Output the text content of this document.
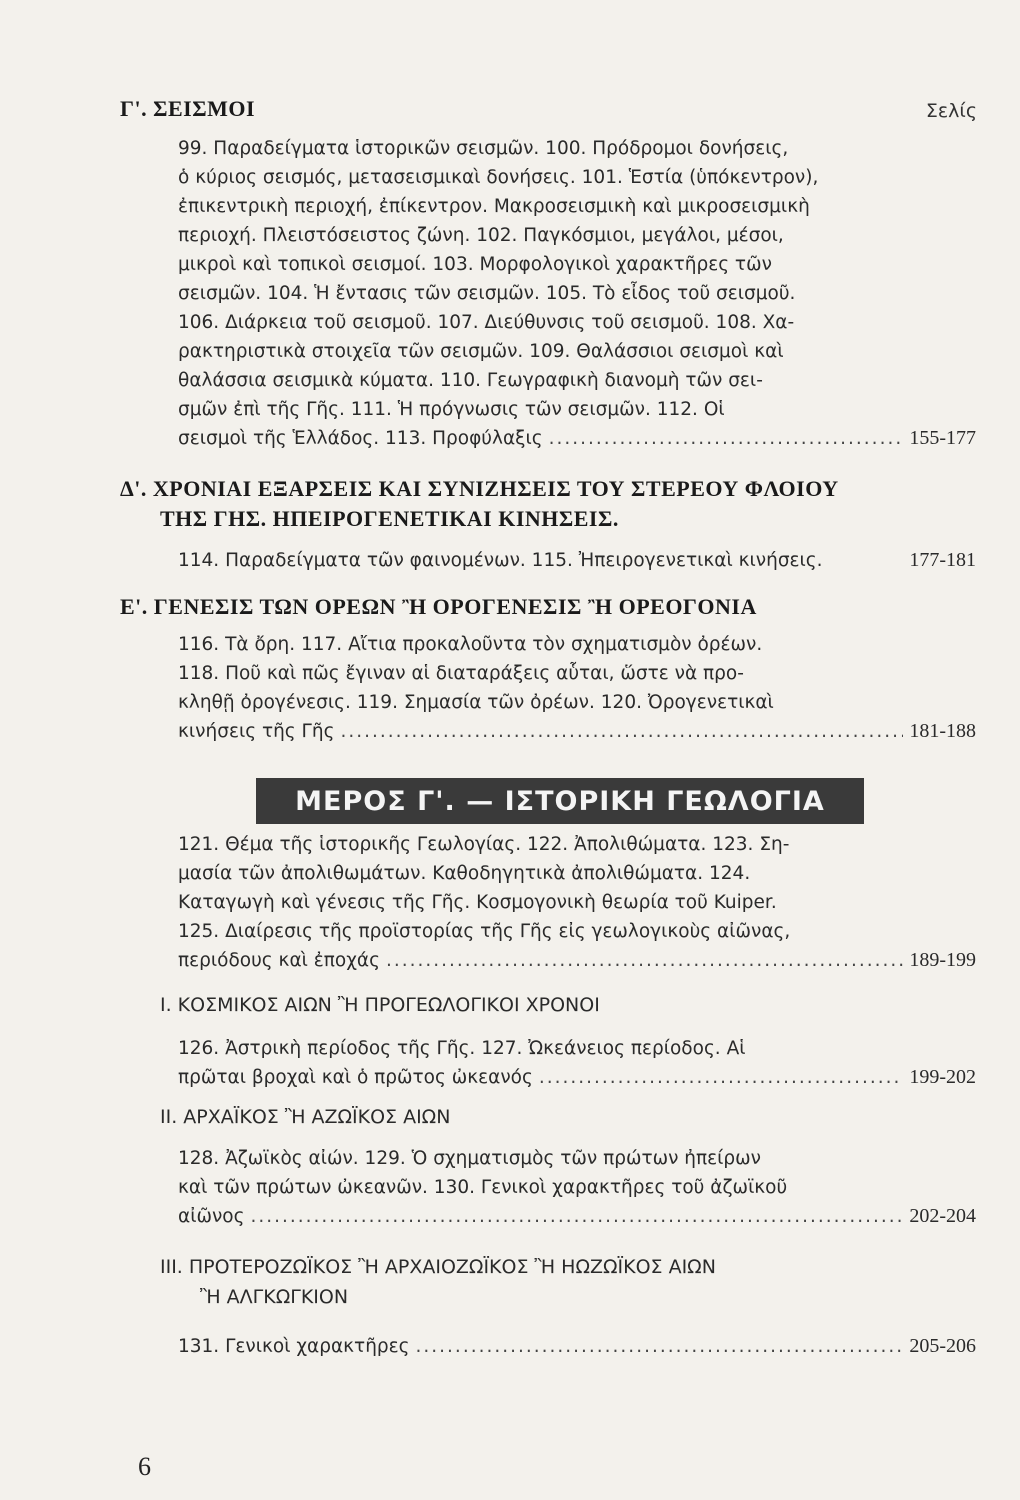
Γ'. ΣΕΙΣΜΟΙ	Σελίς
99. Παραδείγματα ἱστορικῶν σεισμῶν. 100. Πρόδρομοι δονήσεις,
ὁ κύριος σεισμός, μετασεισμικαὶ δονήσεις. 101. Ἑστία (ὑπόκεντρον),
ἐπικεντρικὴ περιοχή, ἐπίκεντρον. Μακροσεισμικὴ καὶ μικροσεισμικὴ
περιοχή. Πλειστόσειστος ζώνη. 102. Παγκόσμιοι, μεγάλοι, μέσοι,
μικροὶ καὶ τοπικοὶ σεισμοί. 103. Μορφολογικοὶ χαρακτῆρες τῶν
σεισμῶν. 104. Ἡ ἔντασις τῶν σεισμῶν. 105. Τὸ εἶδος τοῦ σεισμοῦ.
106. Διάρκεια τοῦ σεισμοῦ. 107. Διεύθυνσις τοῦ σεισμοῦ. 108. Χα-
ρακτηριστικὰ στοιχεῖα τῶν σεισμῶν. 109. Θαλάσσιοι σεισμοὶ καὶ
θαλάσσια σεισμικὰ κύματα. 110. Γεωγραφικὴ διανομὴ τῶν σει-
σμῶν ἐπὶ τῆς Γῆς. 111. Ἡ πρόγνωσις τῶν σεισμῶν. 112. Οἱ
σεισμοὶ τῆς Ἑλλάδος. 113. Προφύλαξις .....	155-177
Δ'. ΧΡΟΝΙΑΙ ΕΞΑΡΣΕΙΣ ΚΑΙ ΣΥΝΙΖΗΣΕΙΣ ΤΟΥ ΣΤΕΡΕΟΥ ΦΛΟΙΟΥ
ΤΗΣ ΓΗΣ. ΗΠΕΙΡΟΓΕΝΕΤΙΚΑΙ ΚΙΝΗΣΕΙΣ.
114. Παραδείγματα τῶν φαινομένων. 115. Ἠπειρογενετικαὶ κινήσεις.	177-181
Ε'. ΓΕΝΕΣΙΣ ΤΩΝ ΟΡΕΩΝ Ἢ ΟΡΟΓΕΝΕΣΙΣ Ἢ ΟΡΕΟΓΟΝΙΑ
116. Τὰ ὄρη. 117. Αἴτια προκαλοῦντα τὸν σχηματισμὸν ὀρέων.
118. Ποῦ καὶ πῶς ἔγιναν αἱ διαταράξεις αὗται, ὥστε νὰ προ-
κληθῇ ὀρογένεσις. 119. Σημασία τῶν ὀρέων. 120. Ὀρογενετικαὶ
κινήσεις τῆς Γῆς .....	181-188
ΜΕΡΟΣ Γ'. — ΙΣΤΟΡΙΚΗ ΓΕΩΛΟΓΙΑ
121. Θέμα τῆς ἱστορικῆς Γεωλογίας. 122. Ἀπολιθώματα. 123. Ση-
μασία τῶν ἀπολιθωμάτων. Καθοδηγητικὰ ἀπολιθώματα. 124.
Καταγωγὴ καὶ γένεσις τῆς Γῆς. Κοσμογονικὴ θεωρία τοῦ Kuiper.
125. Διαίρεσις τῆς προϊστορίας τῆς Γῆς εἰς γεωλογικοὺς αἰῶνας,
περιόδους καὶ ἐποχάς .....	189-199
I. ΚΟΣΜΙΚΟΣ ΑΙΩΝ Ἢ ΠΡΟΓΕΩΛΟΓΙΚΟΙ ΧΡΟΝΟΙ
126. Ἀστρικὴ περίοδος τῆς Γῆς. 127. Ὠκεάνειος περίοδος. Αἱ
πρῶται βροχαὶ καὶ ὁ πρῶτος ὠκεανός .....	199-202
II. ΑΡΧΑΪΚΟΣ Ἢ ΑΖΩΪΚΟΣ ΑΙΩΝ
128. Ἀζωϊκὸς αἰών. 129. Ὁ σχηματισμὸς τῶν πρώτων ἠπείρων
καὶ τῶν πρώτων ὠκεανῶν. 130. Γενικοὶ χαρακτῆρες τοῦ ἀζωϊκοῦ
αἰῶνος .....	202-204
III. ΠΡΟΤΕΡΟΖΩΪΚΟΣ Ἢ ΑΡΧΑΙΟΖΩΪΚΟΣ Ἢ ΗΩΖΩΪΚΟΣ ΑΙΩΝ
Ἢ ΑΛΓΚΩΓΚΙΟΝ
131. Γενικοὶ χαρακτῆρες .....	205-206
6
